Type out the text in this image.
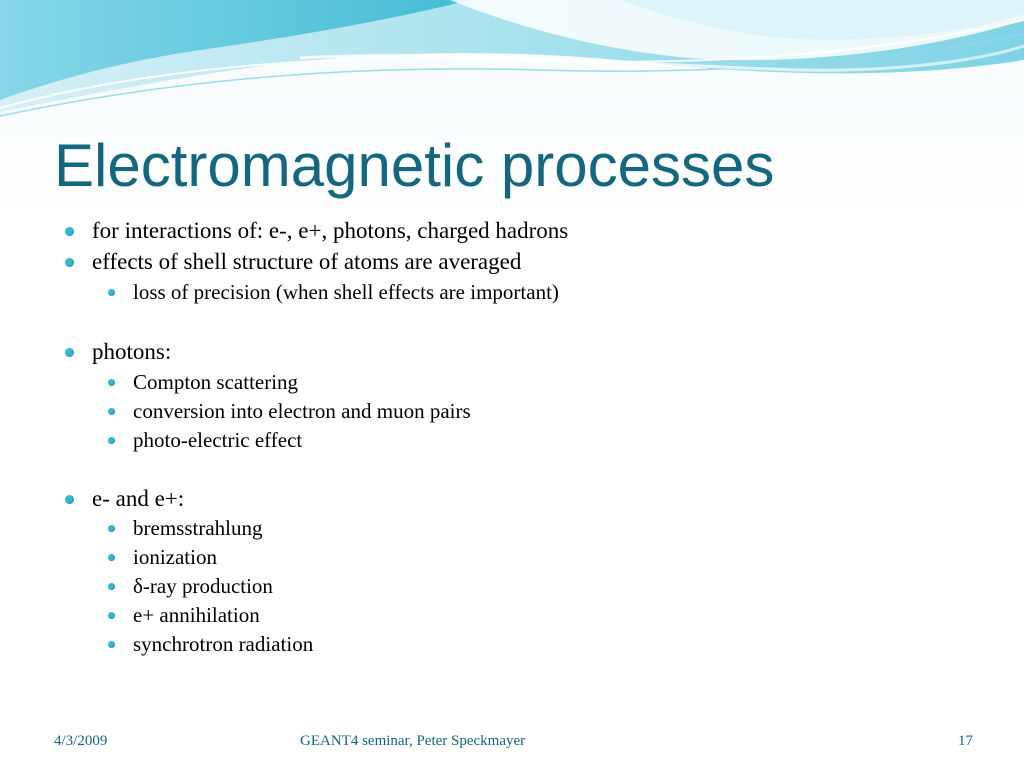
Electromagnetic processes
for interactions of: e-, e+, photons, charged hadrons
effects of shell structure of atoms are averaged
loss of precision (when shell effects are important)
photons:
Compton scattering
conversion into electron and muon pairs
photo-electric effect
e- and e+:
bremsstrahlung
ionization
δ-ray production
e+ annihilation
synchrotron radiation
4/3/2009	GEANT4 seminar, Peter Speckmayer	17
